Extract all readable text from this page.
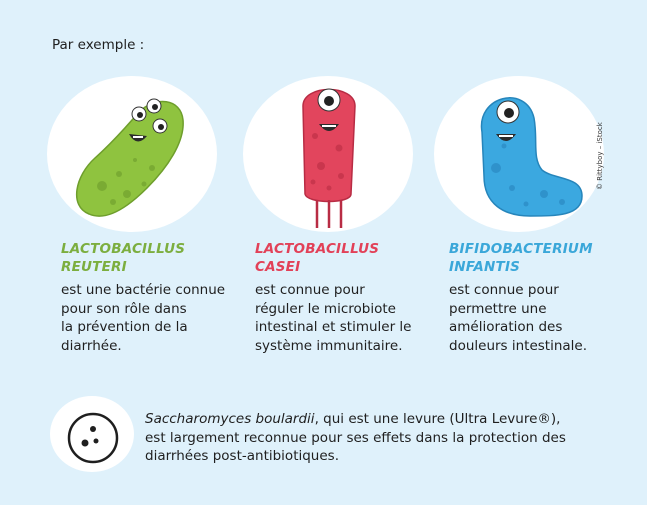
Par exemple :
© Rittyboy – iStock
LACTOBACILLUS
REUTERI

est une bactérie connue
pour son rôle dans
la prévention de la
diarrhée.

LACTOBACILLUS
CASEI

est connue pour
réguler le microbiote
intestinal et stimuler le
système immunitaire.

BIFIDOBACTERIUM
INFANTIS

est connue pour
permettre une
amélioration des
douleurs intestinale.

Saccharomyces boulardii, qui est une levure (Ultra Levure®),
est largement reconnue pour ses effets dans la protection des
diarrhées post-antibiotiques.
